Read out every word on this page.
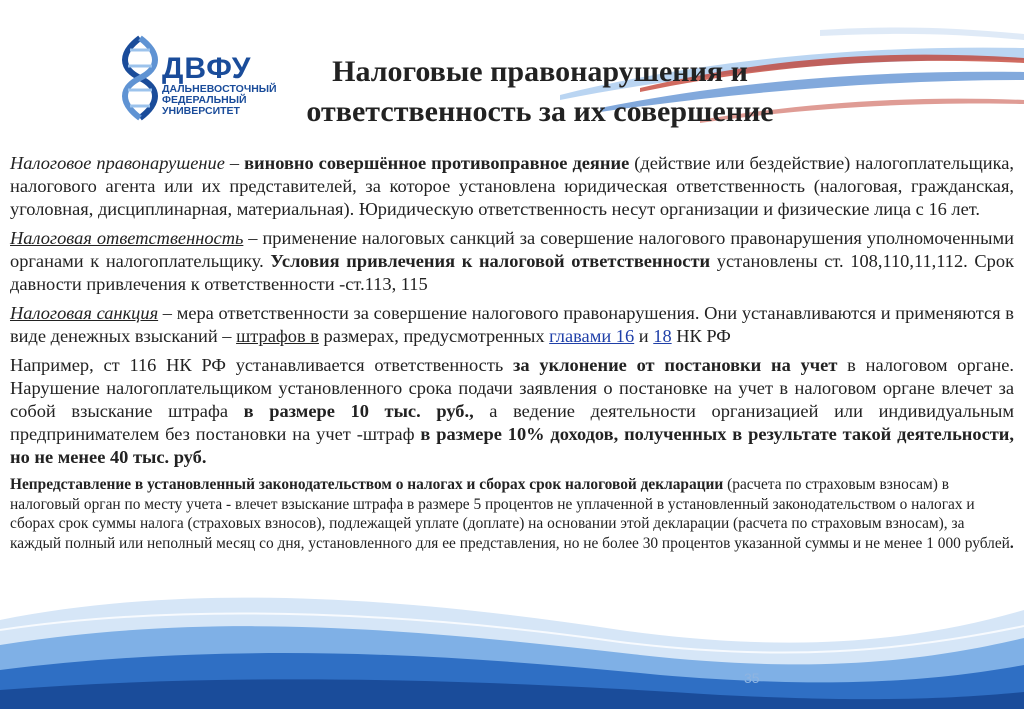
ДВФУ
ДАЛЬНЕВОСТОЧНЫЙ
ФЕДЕРАЛЬНЫЙ
УНИВЕРСИТЕТ
Налоговые правонарушения и
ответственность за их совершение

Налоговое правонарушение – виновно совершённое противоправное деяние (действие или бездействие) налогоплательщика, налогового агента или их представителей, за которое установлена юридическая ответственность (налоговая, гражданская, уголовная, дисциплинарная, материальная). Юридическую ответственность несут организации и физические лица с 16 лет.

Налоговая ответственность – применение налоговых санкций за совершение налогового правонарушения уполномоченными органами к налогоплательщику. Условия привлечения к налоговой ответственности установлены ст. 108,110,11,112. Срок давности привлечения к ответственности -ст.113, 115

Налоговая санкция – мера ответственности за совершение налогового правонарушения. Они устанавливаются и применяются в виде денежных взысканий – штрафов в размерах, предусмотренных главами 16 и 18 НК РФ

Например, ст 116 НК РФ устанавливается ответственность за уклонение от постановки на учет в налоговом органе. Нарушение налогоплательщиком установленного срока подачи заявления о постановке на учет в налоговом органе влечет за собой взыскание штрафа в размере 10 тыс. руб., а ведение деятельности организацией или индивидуальным предпринимателем без постановки на учет -штраф в размере 10% доходов, полученных в результате такой деятельности, но не менее 40 тыс. руб.

Непредставление в установленный законодательством о налогах и сборах срок налоговой декларации (расчета по страховым взносам) в налоговый орган по месту учета - влечет взыскание штрафа в размере 5 процентов не уплаченной в установленный законодательством о налогах и сборах срок суммы налога (страховых взносов), подлежащей уплате (доплате) на основании этой декларации (расчета по страховым взносам), за каждый полный или неполный месяц со дня, установленного для ее представления, но не более 30 процентов указанной суммы и не менее 1 000 рублей.

35
